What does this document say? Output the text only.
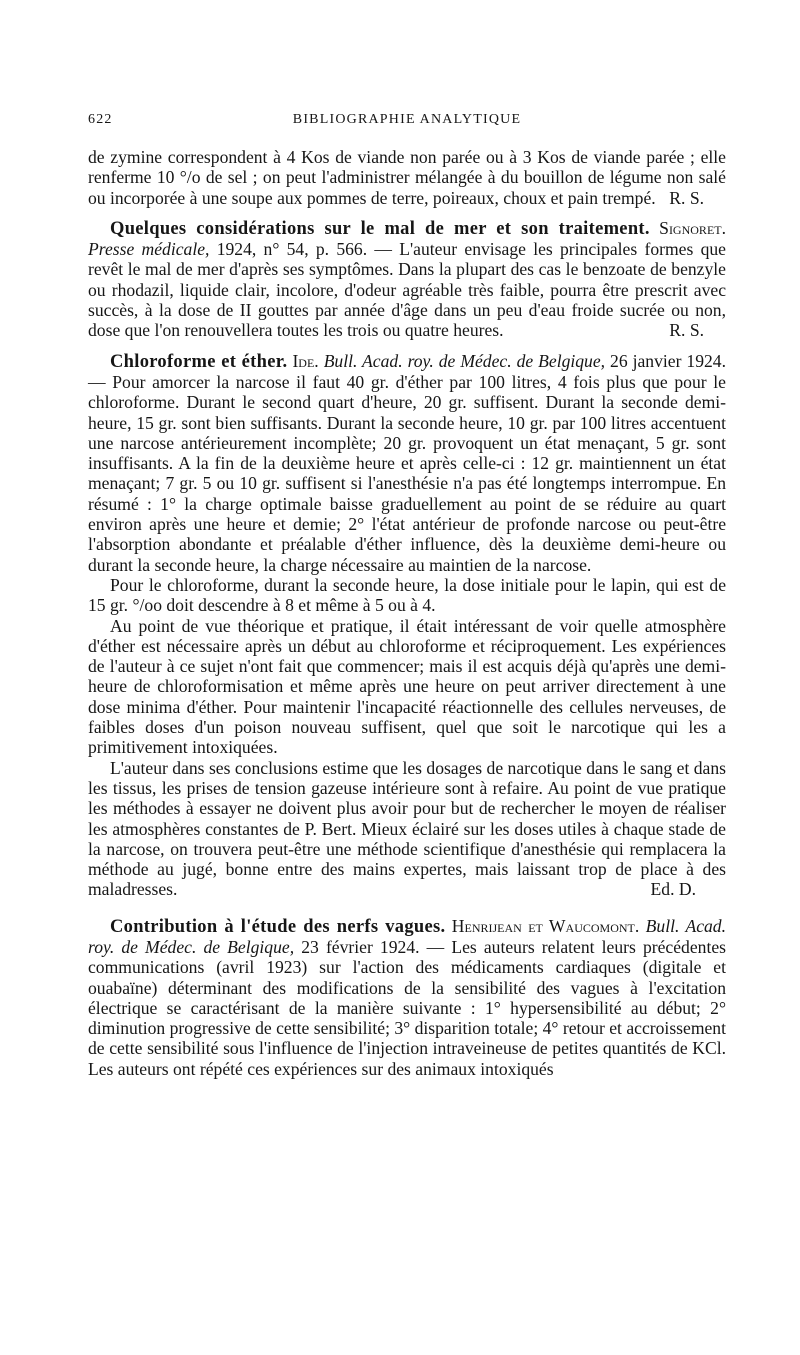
622	BIBLIOGRAPHIE ANALYTIQUE

de zymine correspondent à 4 Kos de viande non parée ou à 3 Kos de viande parée ; elle renferme 10 °/o de sel ; on peut l'administrer mélangée à du bouillon de légume non salé ou incorporée à une soupe aux pommes de terre, poireaux, choux et pain trempé. R. S.

Quelques considérations sur le mal de mer et son traitement. Signoret. Presse médicale, 1924, n° 54, p. 566. — L'auteur envisage les principales formes que revêt le mal de mer d'après ses symptômes. Dans la plupart des cas le benzoate de benzyle ou rhodazil, liquide clair, incolore, d'odeur agréable très faible, pourra être prescrit avec succès, à la dose de II gouttes par année d'âge dans un peu d'eau froide sucrée ou non, dose que l'on renouvellera toutes les trois ou quatre heures.	R. S.

Chloroforme et éther. Ide. Bull. Acad. roy. de Médec. de Belgique, 26 janvier 1924. — Pour amorcer la narcose il faut 40 gr. d'éther par 100 litres, 4 fois plus que pour le chloroforme. Durant le second quart d'heure, 20 gr. suffisent. Durant la seconde demi-heure, 15 gr. sont bien suffisants. Durant la seconde heure, 10 gr. par 100 litres accentuent une narcose antérieurement incomplète; 20 gr. provoquent un état menaçant, 5 gr. sont insuffisants. A la fin de la deuxième heure et après celle-ci : 12 gr. maintiennent un état menaçant; 7 gr. 5 ou 10 gr. suffisent si l'anesthésie n'a pas été longtemps interrompue. En résumé : 1° la charge optimale baisse graduellement au point de se réduire au quart environ après une heure et demie; 2° l'état antérieur de profonde narcose ou peut-être l'absorption abondante et préalable d'éther influence, dès la deuxième demi-heure ou durant la seconde heure, la charge nécessaire au maintien de la narcose.

Pour le chloroforme, durant la seconde heure, la dose initiale pour le lapin, qui est de 15 gr. °/oo doit descendre à 8 et même à 5 ou à 4.

Au point de vue théorique et pratique, il était intéressant de voir quelle atmosphère d'éther est nécessaire après un début au chloroforme et réciproquement. Les expériences de l'auteur à ce sujet n'ont fait que commencer; mais il est acquis déjà qu'après une demi-heure de chloroformisation et même après une heure on peut arriver directement à une dose minima d'éther. Pour maintenir l'incapacité réactionnelle des cellules nerveuses, de faibles doses d'un poison nouveau suffisent, quel que soit le narcotique qui les a primitivement intoxiquées.

L'auteur dans ses conclusions estime que les dosages de narcotique dans le sang et dans les tissus, les prises de tension gazeuse intérieure sont à refaire. Au point de vue pratique les méthodes à essayer ne doivent plus avoir pour but de rechercher le moyen de réaliser les atmosphères constantes de P. Bert. Mieux éclairé sur les doses utiles à chaque stade de la narcose, on trouvera peut-être une méthode scientifique d'anesthésie qui remplacera la méthode au jugé, bonne entre des mains expertes, mais laissant trop de place à des maladresses.	Ed. D.

Contribution à l'étude des nerfs vagues. Henrijean et Waucomont. Bull. Acad. roy. de Médec. de Belgique, 23 février 1924. — Les auteurs relatent leurs précédentes communications (avril 1923) sur l'action des médicaments cardiaques (digitale et ouabaïne) déterminant des modifications de la sensibilité des vagues à l'excitation électrique se caractérisant de la manière suivante : 1° hypersensibilité au début; 2° diminution progressive de cette sensibilité; 3° disparition totale; 4° retour et accroissement de cette sensibilité sous l'influence de l'injection intraveineuse de petites quantités de KCl. Les auteurs ont répété ces expériences sur des animaux intoxiqués
